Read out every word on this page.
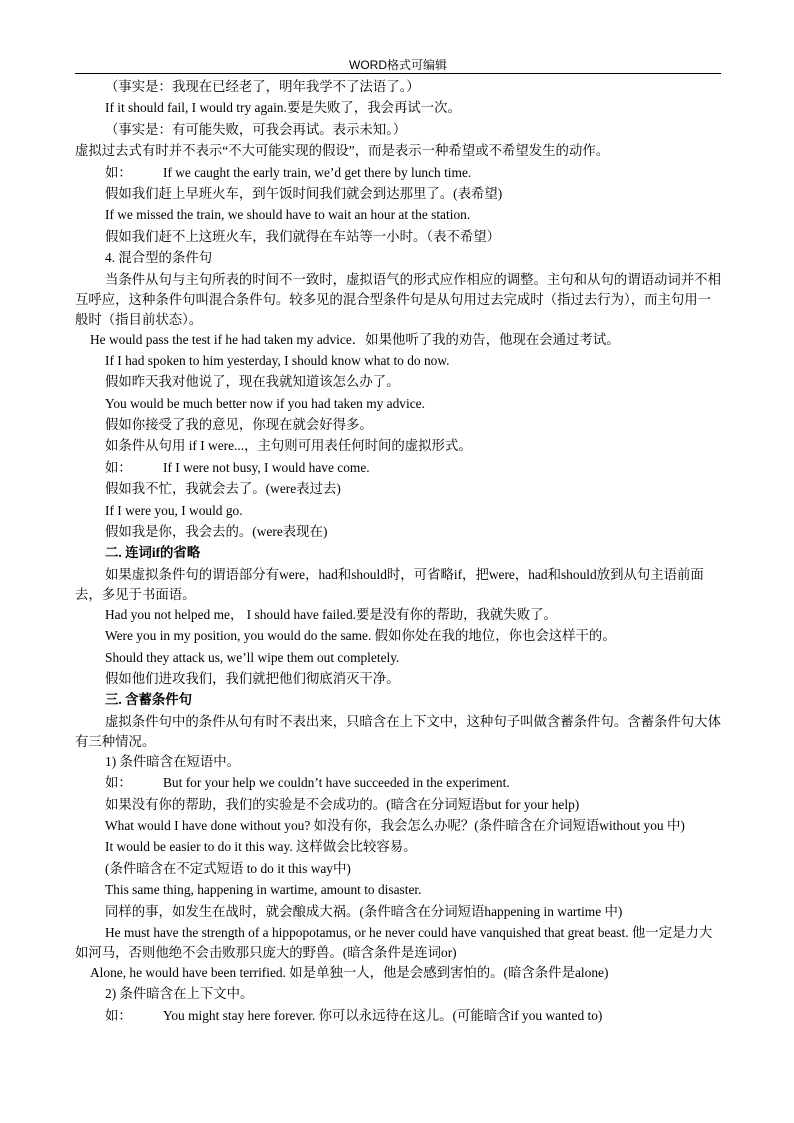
WORD格式可编辑
（事实是：我现在已经老了，明年我学不了法语了。）
If it should fail, I would try again.要是失败了，我会再试一次。
（事实是：有可能失败，可我会再试。表示未知。）
虚拟过去式有时并不表示“不大可能实现的假设”，而是表示一种希望或不希望发生的动作。
如： If we caught the early train, we’d get there by lunch time.
假如我们赶上早班火车，到午饭时间我们就会到达那里了。(表希望)
If we missed the train, we should have to wait an hour at the station.
假如我们赶不上这班火车，我们就得在车站等一小时。（表不希望）
4. 混合型的条件句
当条件从句与主句所表的时间不一致时，虚拟语气的形式应作相应的调整。主句和从句的谓语动词并不相互呼应，这种条件句叫混合条件句。较多见的混合型条件句是从句用过去完成时（指过去行为），而主句用一般时（指目前状态）。
He would pass the test if he had taken my advice．如果他听了我的劝告，他现在会通过考试。
If I had spoken to him yesterday, I should know what to do now.
假如昨天我对他说了，现在我就知道该怎么办了。
You would be much better now if you had taken my advice.
假如你接受了我的意见，你现在就会好得多。
如条件从句用 if I were...，主句则可用表任何时间的虚拟形式。
如： If I were not busy, I would have come.
假如我不忙，我就会去了。(were表过去)
If I were you, I would go.
假如我是你，我会去的。(were表现在)
二. 连词if的省略
如果虚拟条件句的谓语部分有were，had和should时，可省略if，把were，had和should放到从句主语前面去，多见于书面语。
Had you not helped me， I should have failed.要是没有你的帮助，我就失败了。
Were you in my position, you would do the same. 假如你处在我的地位，你也会这样干的。
Should they attack us, we’ll wipe them out completely.
假如他们进攻我们，我们就把他们彻底消灭干净。
三. 含蓄条件句
虚拟条件句中的条件从句有时不表出来，只暗含在上下文中，这种句子叫做含蓄条件句。含蓄条件句大体有三种情况。
1) 条件暗含在短语中。
如： But for your help we couldn’t have succeeded in the experiment.
如果没有你的帮助，我们的实验是不会成功的。(暗含在分词短语but for your help)
What would I have done without you? 如没有你，我会怎么办呢？(条件暗含在介词短语without you 中)
It would be easier to do it this way. 这样做会比较容易。
(条件暗含在不定式短语 to do it this way中)
This same thing, happening in wartime, amount to disaster.
同样的事，如发生在战时，就会酿成大祸。(条件暗含在分词短语happening in wartime 中)
He must have the strength of a hippopotamus, or he never could have vanquished that great beast. 他一定是力大如河马，否则他绝不会击败那只庞大的野兽。(暗含条件是连词or)
Alone, he would have been terrified. 如是单独一人，他是会感到害怕的。(暗含条件是alone)
2) 条件暗含在上下文中。
如： You might stay here forever. 你可以永远待在这儿。(可能暗含if you wanted to)
